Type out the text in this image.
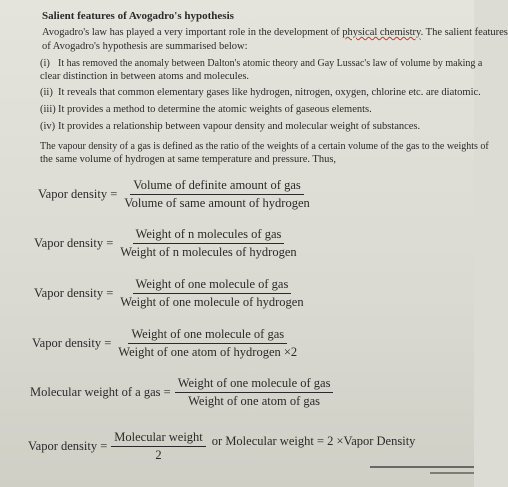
Salient features of Avogadro's hypothesis
Avogadro's law has played a very important role in the development of physical chemistry. The salient features
of Avogadro's hypothesis are summarised below:
(i) It has removed the anomaly between Dalton's atomic theory and Gay Lussac's law of volume by making a
clear distinction in between atoms and molecules.
(ii) It reveals that common elementary gases like hydrogen, nitrogen, oxygen, chlorine etc. are diatomic.
(iii) It provides a method to determine the atomic weights of gaseous elements.
(iv) It provides a relationship between vapour density and molecular weight of substances.
The vapour density of a gas is defined as the ratio of the weights of a certain volume of the gas to the weights of
the same volume of hydrogen at same temperature and pressure. Thus,
Vapor density = $\frac{\text{Volume of definite amount of gas}}{\text{Volume of same amount of hydrogen}}$
Vapor density = $\frac{\text{Weight of n molecules of gas}}{\text{Weight of n molecules of hydrogen}}$
Vapor density = $\frac{\text{Weight of one molecule of gas}}{\text{Weight of one molecule of hydrogen}}$
Vapor density = $\frac{\text{Weight of one molecule of gas}}{\text{Weight of one atom of hydrogen ×2}}$
Molecular weight of a gas = $\frac{\text{Weight of one molecule of gas}}{\text{Weight of one atom of gas}}$
Vapor density = $\frac{\text{Molecular weight}}{2}$ or Molecular weight = 2 ×Vapor Density
